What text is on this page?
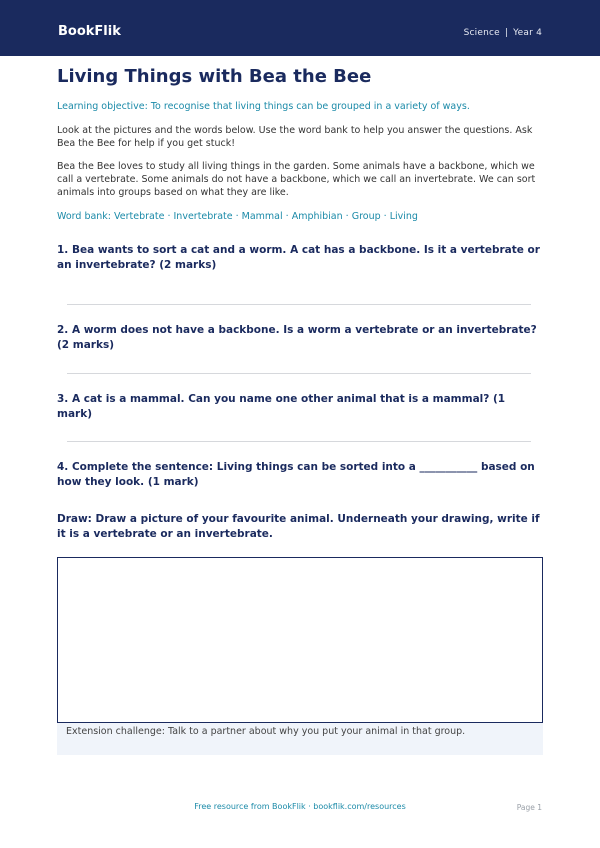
BookFlik	Science | Year 4
Living Things with Bea the Bee

Learning objective: To recognise that living things can be grouped in a variety of ways.

Look at the pictures and the words below. Use the word bank to help you answer the questions. Ask Bea the Bee for help if you get stuck!

Bea the Bee loves to study all living things in the garden. Some animals have a backbone, which we call a vertebrate. Some animals do not have a backbone, which we call an invertebrate. We can sort animals into groups based on what they are like.

Word bank: Vertebrate · Invertebrate · Mammal · Amphibian · Group · Living

1. Bea wants to sort a cat and a worm. A cat has a backbone. Is it a vertebrate or an invertebrate? (2 marks)

2. A worm does not have a backbone. Is a worm a vertebrate or an invertebrate? (2 marks)

3. A cat is a mammal. Can you name one other animal that is a mammal? (1 mark)

4. Complete the sentence: Living things can be sorted into a ___________ based on how they look. (1 mark)

Draw: Draw a picture of your favourite animal. Underneath your drawing, write if it is a vertebrate or an invertebrate.

Extension challenge: Talk to a partner about why you put your animal in that group.
Free resource from BookFlik · bookflik.com/resources	Page 1
